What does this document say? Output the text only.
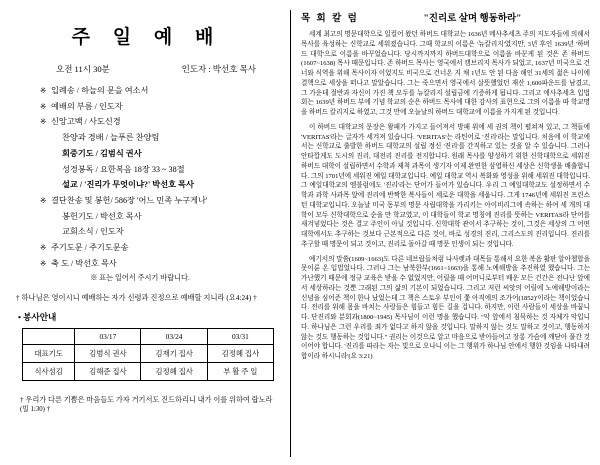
주 일 예 배
오전 11시 30분	인도자 : 박선호 목사
※ 입례송 / 하늘의 문을 여소서
※ 예배의 부름 / 인도자
※ 신앙고백 / 사도신경
찬양과 경배 / 늘푸른 찬양팀
회중기도 / 김범식 권사
성경봉독 / 요한복음 18장 33 ~ 38절
설교 / '진리가 무엇이냐?' 박선호 목사
※ 결단찬송 및 봉헌/ 586장 '어느 민족 누구게나'
봉헌기도 / 박선호 목사
교회소식 / 인도자
※ 주기도문 / 주기도문송
※ 축 도 / 박선호 목사
※ 표는 일어서 주시기 바랍니다.
† 하나님은 영이시니 예배하는 자가 신령과 진정으로 예배할 지니라 (요4:24) †
• 봉사안내
	03/17	03/24	03/31
대표기도	김범식 권사	김재기 집사	김정혜 집사
식사섬김	김해준 집사	김정혜 집사	부 활 주 일
† 우리가 다른 기쁨은 마음들도 가자 거기서도 진드하리니 내가 이를 위하여 랍노라
(빌 1:30) †
목 회 칼 럼	"진리로 살며 행동하라"
세계 최고의 명문대학으로 일컬어 왔던 하버드 대학교는 1636년 메사추세츠 주의 지도자들에 의해서 목사를 육성하는 신학교로 세워졌습니다. 그때 학교의 이름은 '뉴칼리지'였지만, 3년 후인 1639년 '하버드 대학'으로 이름을 바꾸었습니다. 당시까지까지 하버드대학으로 이름을 바꾼게 된 것은 존 하버드(1607~1638) 목사 때문입니다. 존 하버드 목사는 영국에서 캠브리지 목사가 되었고, 1637년 미국으로 건너와 식역을 위해 목사이자 이었지도 비국으로 건너온 지 채 1년도 안 된 다음 해인 31세의 젊은 나이에 결핵으로 세상을 떠나고 말았습니다. 그는 죽으면서 영국에서 살뜻했었던 재산 1,600파운드를 남겼고, 그 가운데 절반과 자신이 가진 책 모두를 뉴칼리지 설립금에 기증하게 됩니다. 그리고 에사추세츠 입법회는 1639년 하버드 부에 기념 학교의 순은 하버드 목사에 대한 감사의 표현으로 그의 이름을 따 학교명을 하버드 칼리지로 하였고, 그것 만에 오늘날의 하버드 대학교에 이름을 가지게 된 것입니다.
이 하버드 대학교의 문장은 왕패가 가지고 들어져서 방패 위에 세 권의 책이 펼쳐져 있고, 그 책들에 'VERITAS'라는 글자가 세겨져 있습니다. 'VERITAS'는 라틴어로 '진리'라는 말입니다. 처음에 이 학교에서는 신학교로 출발한 하버드 대학교의 설립 정신 '진리'를 간직하고 있는 것을 알 수 있습니다. 그러나 안타깝게도 도시의 진리, 대전리 진리를 전지합니다. 원래 목사를 양성하기 위한 신학대학으로 세워진 하버드 대학이 설립하면서 수학과 제척 과목이 생기자 이제 완연한 삼엽하신 세상은 신학생을 배출합니다. 그의 1701년에 세워진 예일 대학교입니다. 예일 대학교 역시 복화와 영성을 위해 세워진 대학입니다. 그 예일대학교의 엠블럼에도 '진리'라는 단어가 들어가 있습니다. 우리 그 예일대학교도 설정하면서 수학과 과학 사과목 앞에 진리에 반짝한 복사들이 세로운 대학을 세웁니다. 그게 1746년에 세워진 프린스턴 대학교입니다. 오늘날 미국 동부의 명문 사립대학을 가리키는 아이비리그에 속하는 하여 세 개의 대학이 모두 신학대학으로 순을 만 학교였고, 이 대학들이 학교 명칭에 진리를 뜻하는 VERITAS라 단어를 새겨넣었다는 것은 결고 주인이 아닐 것입니다. 신학대학 관이서 추구하는 것이, 그것은 세상의 그 어떤 대학에서도 추구하는 것보다 근본적으로 다른 것이, 바로 성경의 진리, 그리스도의 진리입니다. 진리를 추구할 때 명문이 되고 것이고, 진리로 돌아갈 때 명문 인생이 되는 것입니다.
예기서의 말씀(1609~1663)도 다른 네브랍들처럼 나사렛과 대목들 통해서 요한 복음 활판 알아챕합을 못이룬 온 입법었나다. 그러나 그는 남북한부(1661~1663)을 통해 노예해방을 추진하였 했습니다. 그는 가난했기 때문에 정규 교육은 받을 수 없었지만, 어릴을 때 어머니로부터 배운 모든 건간은 전나난 앞에서 세상하라는 것뿐 그래된 그의 삶의 기본이 되었습니다. 그리고 저런 씨앗의 어릴에 노예해방이라는 신념을 심어준 책이 한나 났었는데 그 책은 스토우 부인이 쫓 아직에의 조가어(1852)'이라는 책이었습니다. 전리를 위해 몸을 바치는 사랑들은 힘들고 힘든 길을 겁니다. 하지만, 이런 사람들이 세상을 바꿉니다. 단진리와 분회과(1800~1945) 목사님이 이런 명을 했습니다. "악 앞에서 침묵하는 것 자체가 악입니다. 하나님은 그런 우리를 죄가 없다고 하지 않을 것입니다. 말하지 않는 것도 말하고 것이고, 행동하지 않는 것도 행동하는 것입니다." 권리는 이것으로 알고 마음으로 받아들여고 장롱 가슴에 깨닫아 풀간 것이어야 합니다. '진리를 따라는 자는 빛으로 오나니 이는 그 행위가 하나님 안에서 행한 것임을 나타내려 합이라 하시니라'(요 3:21)
